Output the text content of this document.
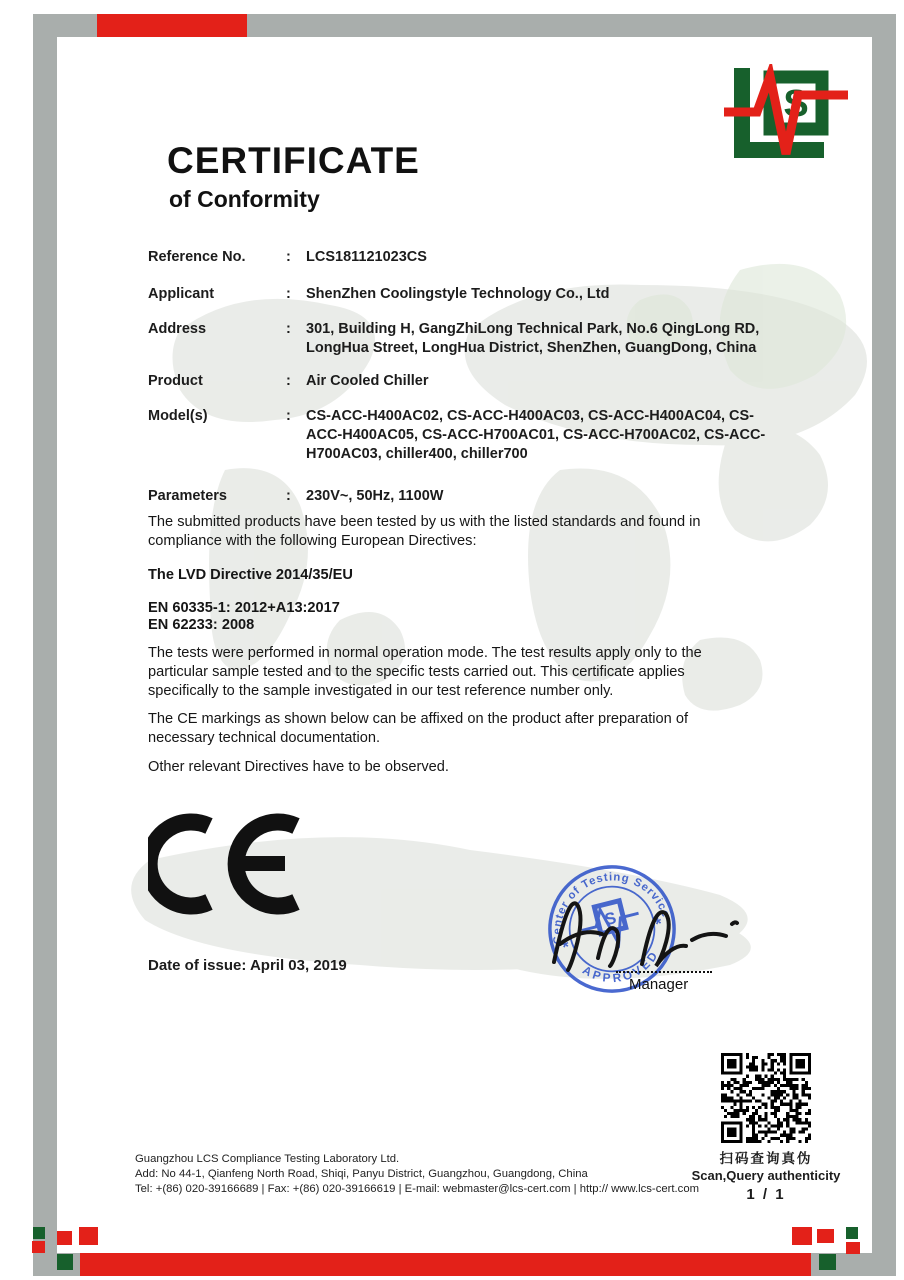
S
CERTIFICATE
of Conformity
Reference No.	:	LCS181121023CS
Applicant	:	ShenZhen Coolingstyle Technology Co., Ltd
Address	:	301, Building H, GangZhiLong Technical Park, No.6 QingLong RD, LongHua Street, LongHua District, ShenZhen, GuangDong, China
Product	:	Air Cooled Chiller
Model(s)	:	CS-ACC-H400AC02, CS-ACC-H400AC03, CS-ACC-H400AC04, CS-ACC-H400AC05, CS-ACC-H700AC01, CS-ACC-H700AC02, CS-ACC-H700AC03, chiller400, chiller700
Parameters	:	230V~, 50Hz, 1100W
The submitted products have been tested by us with the listed standards and found in compliance with the following European Directives:
The LVD Directive 2014/35/EU
EN 60335-1: 2012+A13:2017
EN 62233: 2008
The tests were performed in normal operation mode. The test results apply only to the particular sample tested and to the specific tests carried out. This certificate applies specifically to the sample investigated in our test reference number only.
The CE markings as shown below can be affixed on the product after preparation of necessary technical documentation.
Other relevant Directives have to be observed.
Date of issue: April 03, 2019
Center of Testing Service
APPROVED
*
*
S
Manager
扫码查询真伪
Scan,Query authenticity
1 / 1
Guangzhou LCS Compliance Testing Laboratory Ltd.
Add: No 44-1, Qianfeng North Road, Shiqi, Panyu District, Guangzhou, Guangdong, China
Tel: +(86) 020-39166689 | Fax: +(86) 020-39166619 | E-mail: webmaster@lcs-cert.com | http:// www.lcs-cert.com
